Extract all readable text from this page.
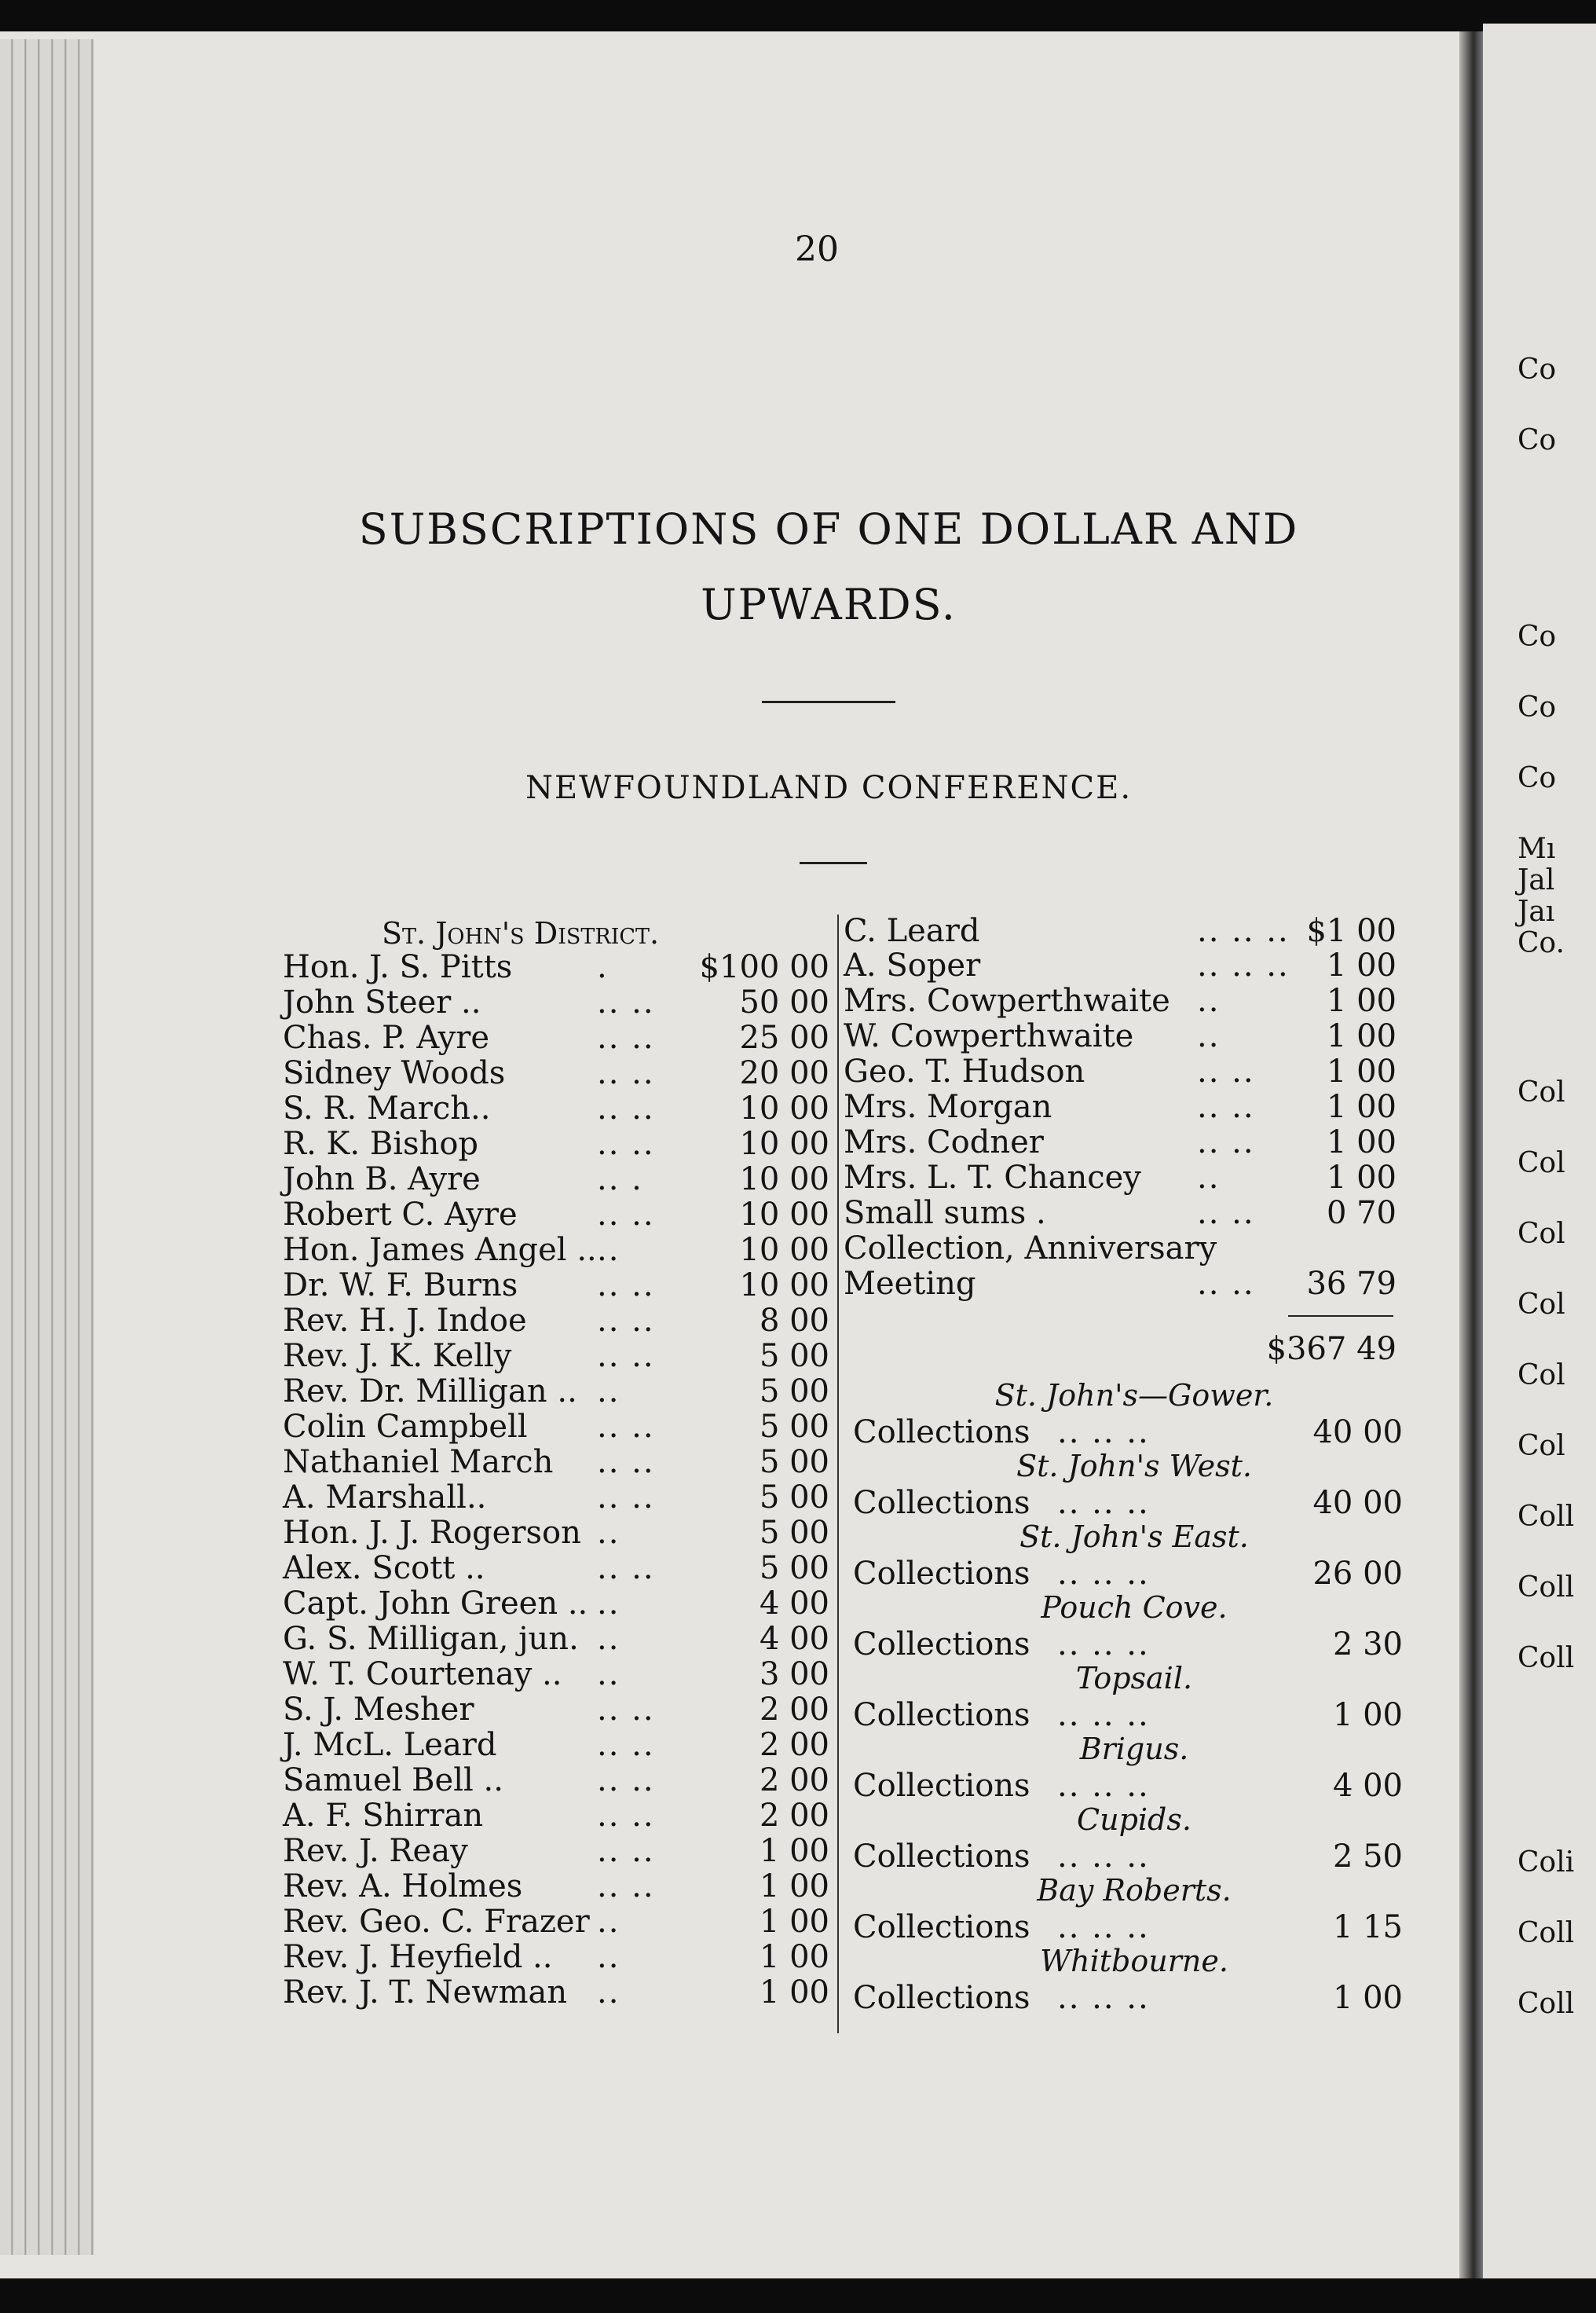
20
SUBSCRIPTIONS OF ONE DOLLAR AND
UPWARDS.
NEWFOUNDLAND CONFERENCE.
St. John's District.
Hon. J. S. Pitts	.	$100 00
John Steer ..	.. ..	50 00
Chas. P. Ayre	.. ..	25 00
Sidney Woods	.. ..	20 00
S. R. March..	.. ..	10 00
R. K. Bishop	.. ..	10 00
John B. Ayre	.. .	10 00
Robert C. Ayre	.. ..	10 00
Hon. James Angel .. ..	10 00
Dr. W. F. Burns	.. ..	10 00
Rev. H. J. Indoe .. ..	8 00
Rev. J. K. Kelly	.. ..	5 00
Rev. Dr. Milligan .. ..	5 00
Colin Campbell .. ..	5 00
Nathaniel March .. ..	5 00
A. Marshall..	.. ..	5 00
Hon. J. J. Rogerson ..	5 00
Alex. Scott ..	.. ..	5 00
Capt. John Green .. ..	4 00
G. S. Milligan, jun. ..	4 00
W. T. Courtenay .. ..	3 00
S. J. Mesher	.. ..	2 00
J. McL. Leard	.. ..	2 00
Samuel Bell ..	.. ..	2 00
A. F. Shirran	.. ..	2 00
Rev. J. Reay	.. ..	1 00
Rev. A. Holmes .. ..	1 00
Rev. Geo. C. Frazer ..	1 00
Rev. J. Heyfield .. ..	1 00
Rev. J. T. Newman ..	1 00
C. Leard	.. .. .. $1 00
A. Soper	.. .. .. 1 00
Mrs. Cowperthwaite ..	1 00
W. Cowperthwaite ..	1 00
Geo. T. Hudson	.. .. 1 00
Mrs. Morgan	.. .. 1 00
Mrs. Codner	.. .. 1 00
Mrs. L. T. Chancey ..	1 00
Small sums .	.. .. 0 70
Collection, Anniversary
Meeting	.. .. 36 79
$367 49
St. John's—Gower.
Collections .. .. ..	40 00
St. John's West.
Collections .. .. ..	40 00
St. John's East.
Collections .. .. ..	26 00
Pouch Cove.
Collections .. .. ..	2 30
Topsail.
Collections .. .. ..	1 00
Brigus.
Collections .. .. ..	4 00
Cupids.
Collections .. .. ..	2 50
Bay Roberts.
Collections .. .. ..	1 15
Whitbourne.
Collections .. .. ..	1 00
Co
Co
Co
Co
Co
Mı
Jal
Jaı
Co.
Col
Col
Col
Col
Col
Col
Coll
Coll
Coll
Coli
Coll
Coll
